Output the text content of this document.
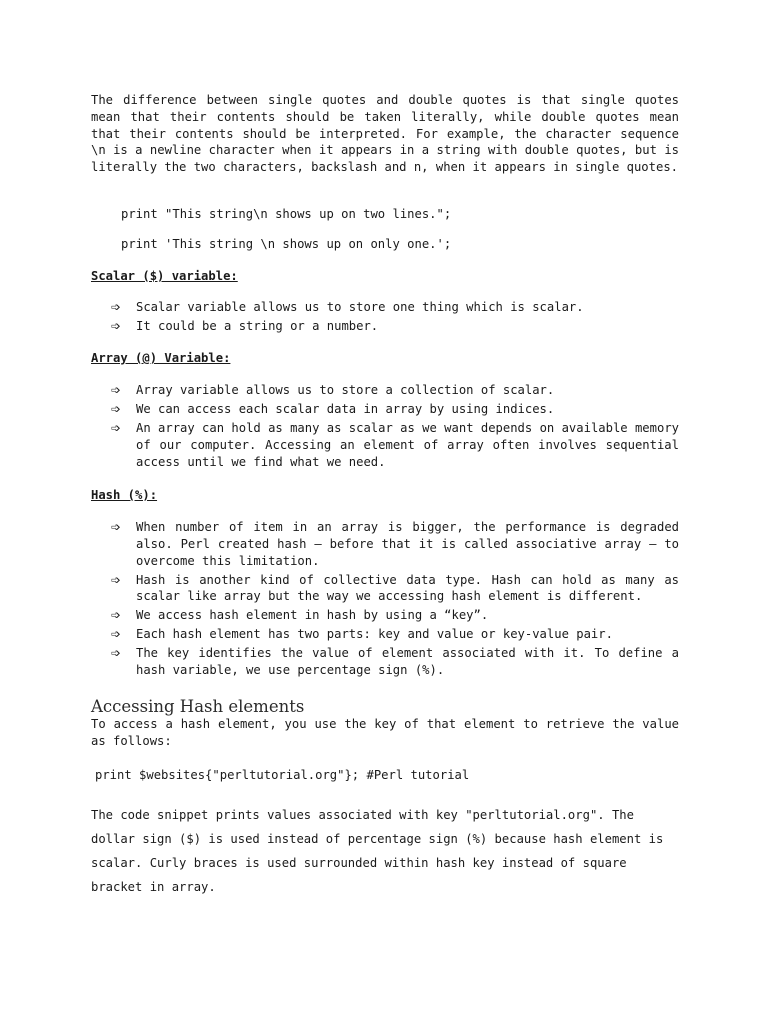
The difference between single quotes and double quotes is that single quotes mean that their contents should be taken literally, while double quotes mean that their contents should be interpreted. For example, the character sequence \n is a newline character when it appears in a string with double quotes, but is literally the two characters, backslash and n, when it appears in single quotes.
print "This string\n shows up on two lines.";
print 'This string \n shows up on only one.';
Scalar ($) variable:
➩	Scalar variable allows us to store one thing which is scalar.
➩	It could be a string or a number.
Array (@) Variable:
➩	Array variable allows us to store a collection of scalar.
➩	We can access each scalar data in array by using indices.
➩	An array can hold as many as scalar as we want depends on available memory of our computer. Accessing an element of array often involves sequential access until we find what we need.
Hash (%):
➩	When number of item in an array is bigger, the performance is degraded also. Perl created hash – before that it is called associative array – to overcome this limitation.
➩	Hash is another kind of collective data type. Hash can hold as many as scalar like array but the way we accessing hash element is different.
➩	We access hash element in hash by using a “key”.
➩	Each hash element has two parts: key and value or key-value pair.
➩	The key identifies the value of element associated with it. To define a hash variable, we use percentage sign (%).
Accessing Hash elements
To access a hash element, you use the key of that element to retrieve the value as follows:
print $websites{"perltutorial.org"}; #Perl tutorial
The code snippet prints values associated with key "perltutorial.org". The dollar sign ($) is used instead of percentage sign (%) because hash element is scalar. Curly braces is used surrounded within hash key instead of square bracket in array.
